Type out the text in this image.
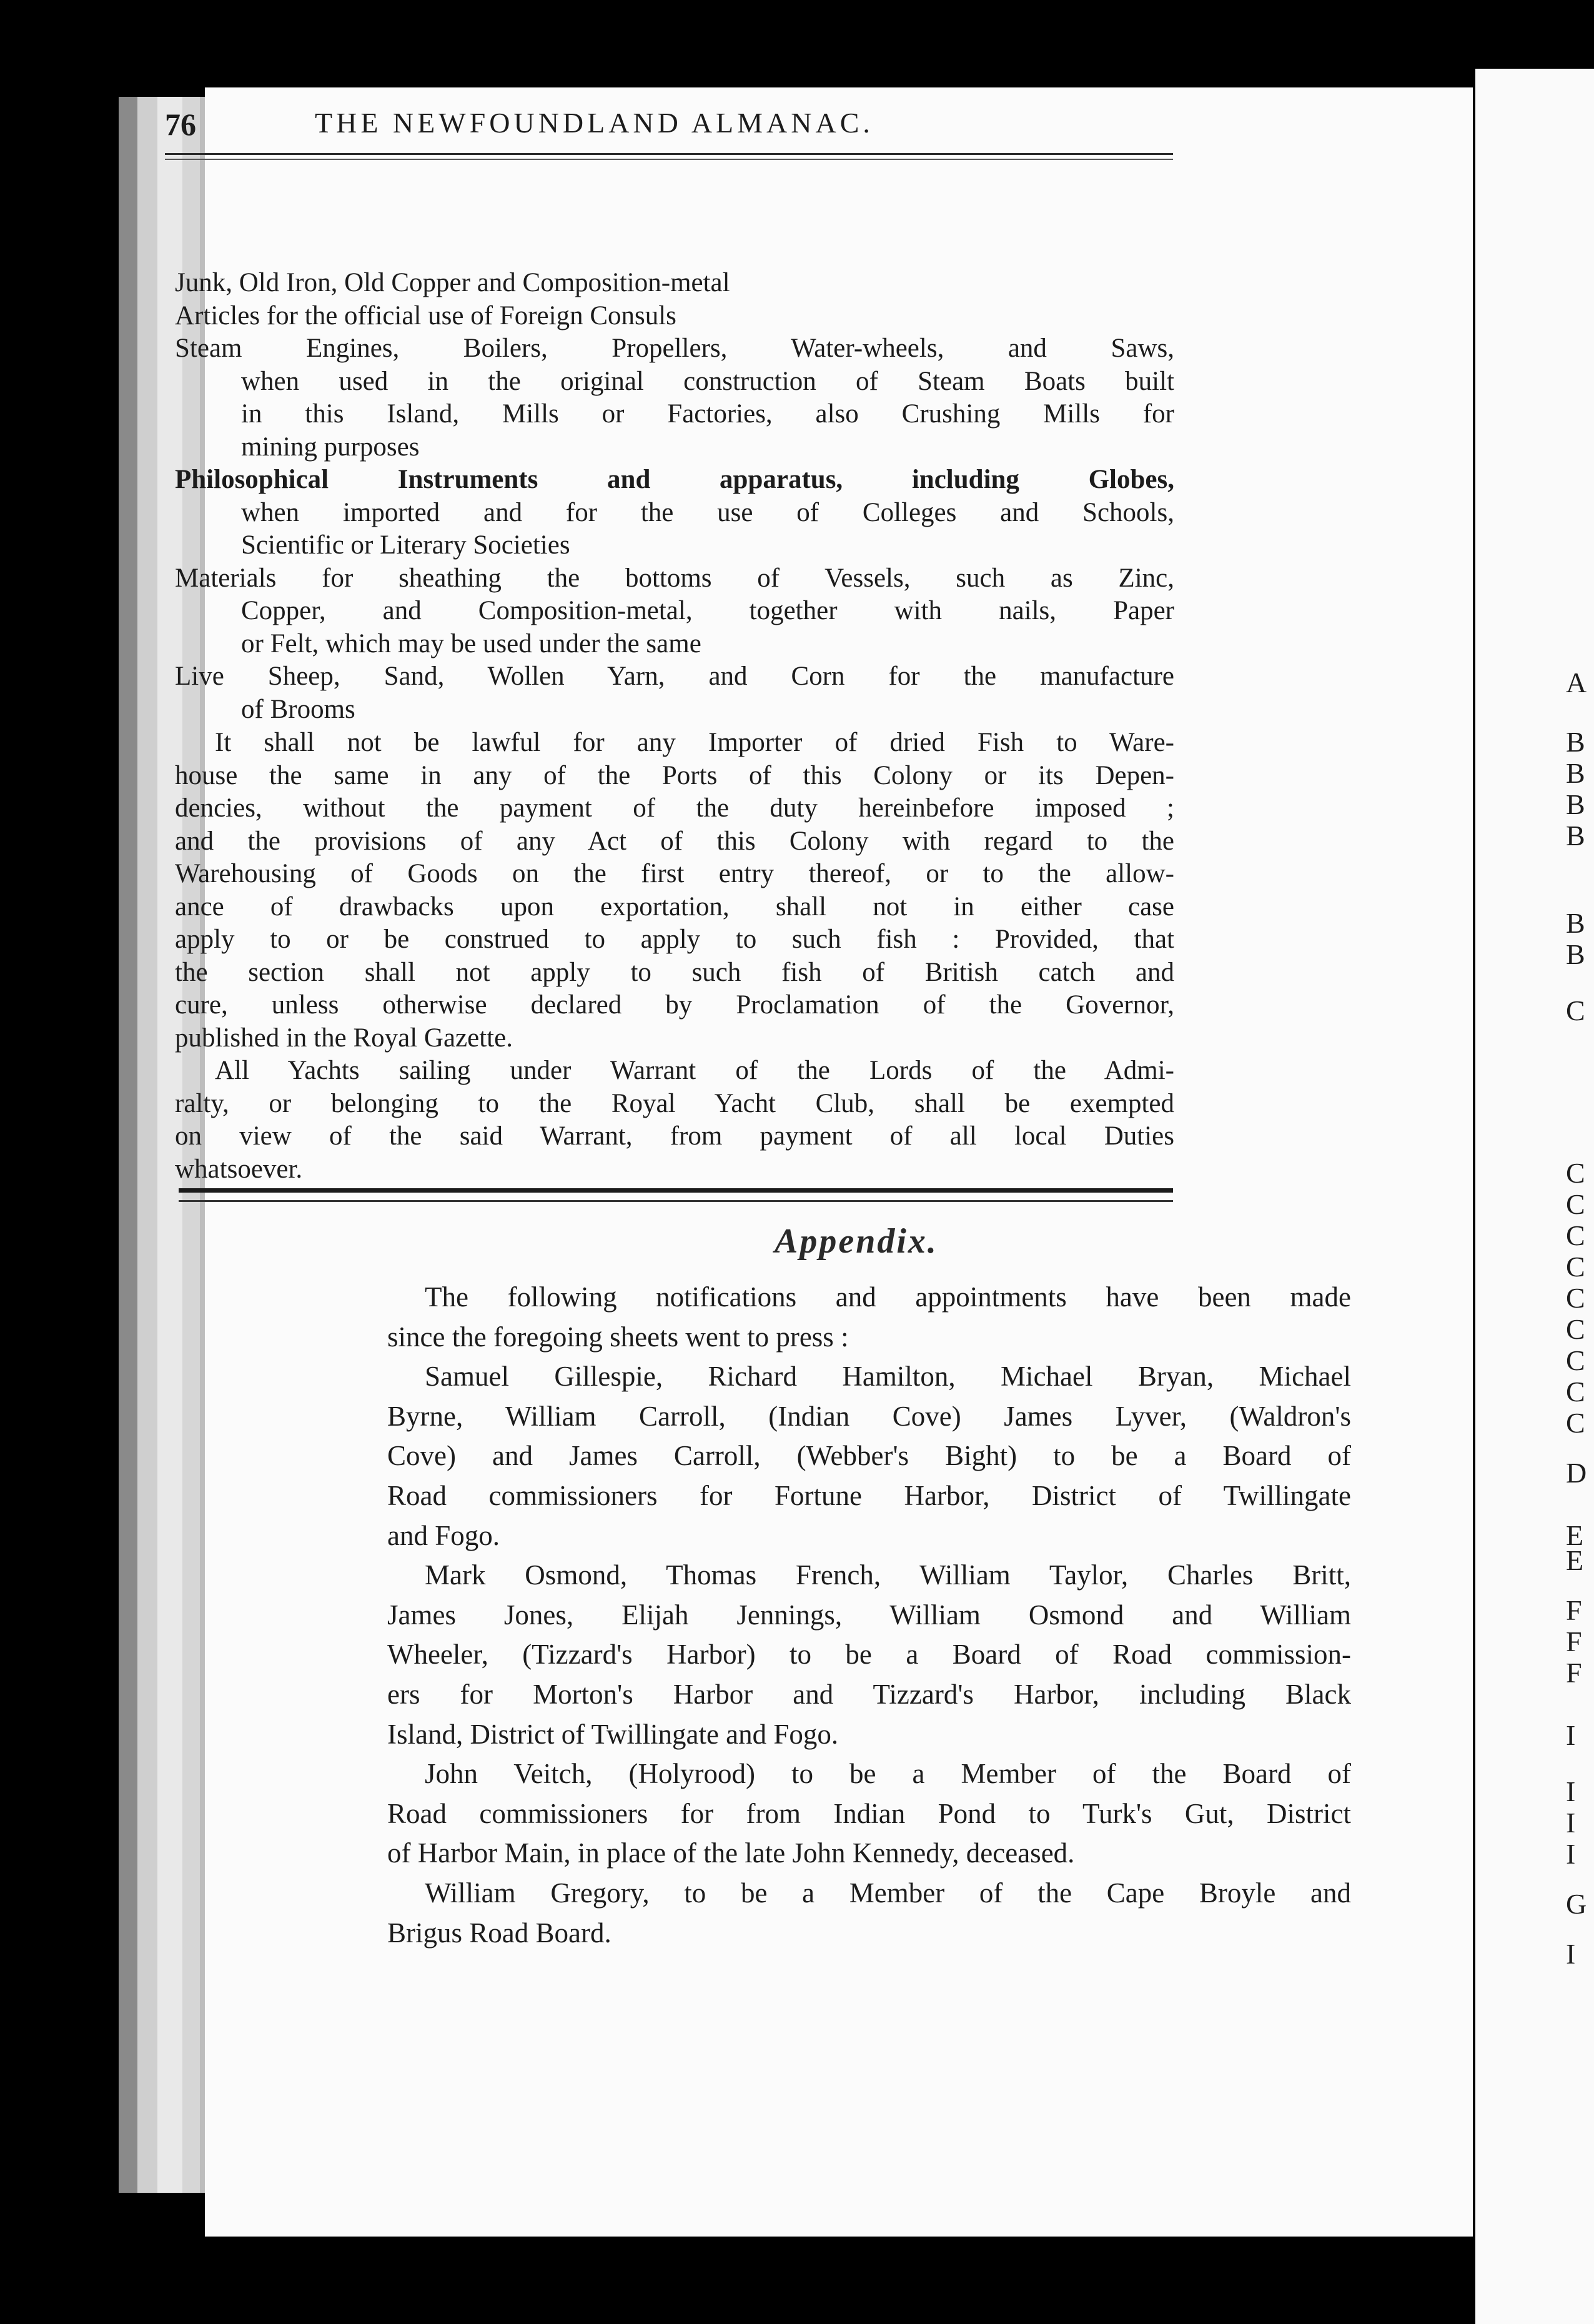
76	THE NEWFOUNDLAND ALMANAC.
Junk, Old Iron, Old Copper and Composition-metal
Articles for the official use of Foreign Consuls
Steam Engines, Boilers, Propellers, Water-wheels, and Saws,
when used in the original construction of Steam Boats built
in this Island, Mills or Factories, also Crushing Mills for
mining purposes
Philosophical Instruments and apparatus, including Globes,
when imported and for the use of Colleges and Schools,
Scientific or Literary Societies
Materials for sheathing the bottoms of Vessels, such as Zinc,
Copper, and Composition-metal, together with nails, Paper
or Felt, which may be used under the same
Live Sheep, Sand, Wollen Yarn, and Corn for the manufacture
of Brooms
It shall not be lawful for any Importer of dried Fish to Ware-
house the same in any of the Ports of this Colony or its Depen-
dencies, without the payment of the duty hereinbefore imposed ;
and the provisions of any Act of this Colony with regard to the
Warehousing of Goods on the first entry thereof, or to the allow-
ance of drawbacks upon exportation, shall not in either case
apply to or be construed to apply to such fish : Provided, that
the section shall not apply to such fish of British catch and
cure, unless otherwise declared by Proclamation of the Governor,
published in the Royal Gazette.
All Yachts sailing under Warrant of the Lords of the Admi-
ralty, or belonging to the Royal Yacht Club, shall be exempted
on view of the said Warrant, from payment of all local Duties
whatsoever.
Appendix.
The following notifications and appointments have been made
since the foregoing sheets went to press :
Samuel Gillespie, Richard Hamilton, Michael Bryan, Michael
Byrne, William Carroll, (Indian Cove) James Lyver, (Waldron's
Cove) and James Carroll, (Webber's Bight) to be a Board of
Road commissioners for Fortune Harbor, District of Twillingate
and Fogo.
Mark Osmond, Thomas French, William Taylor, Charles Britt,
James Jones, Elijah Jennings, William Osmond and William
Wheeler, (Tizzard's Harbor) to be a Board of Road commission-
ers for Morton's Harbor and Tizzard's Harbor, including Black
Island, District of Twillingate and Fogo.
John Veitch, (Holyrood) to be a Member of the Board of
Road commissioners for from Indian Pond to Turk's Gut, District
of Harbor Main, in place of the late John Kennedy, deceased.
William Gregory, to be a Member of the Cape Broyle and
Brigus Road Board.
A
B
B
B
B
B
B
C
C
C
C
C
C
C
C
C
C
D
E
E
F
F
F
I
I
I
I
G
I
